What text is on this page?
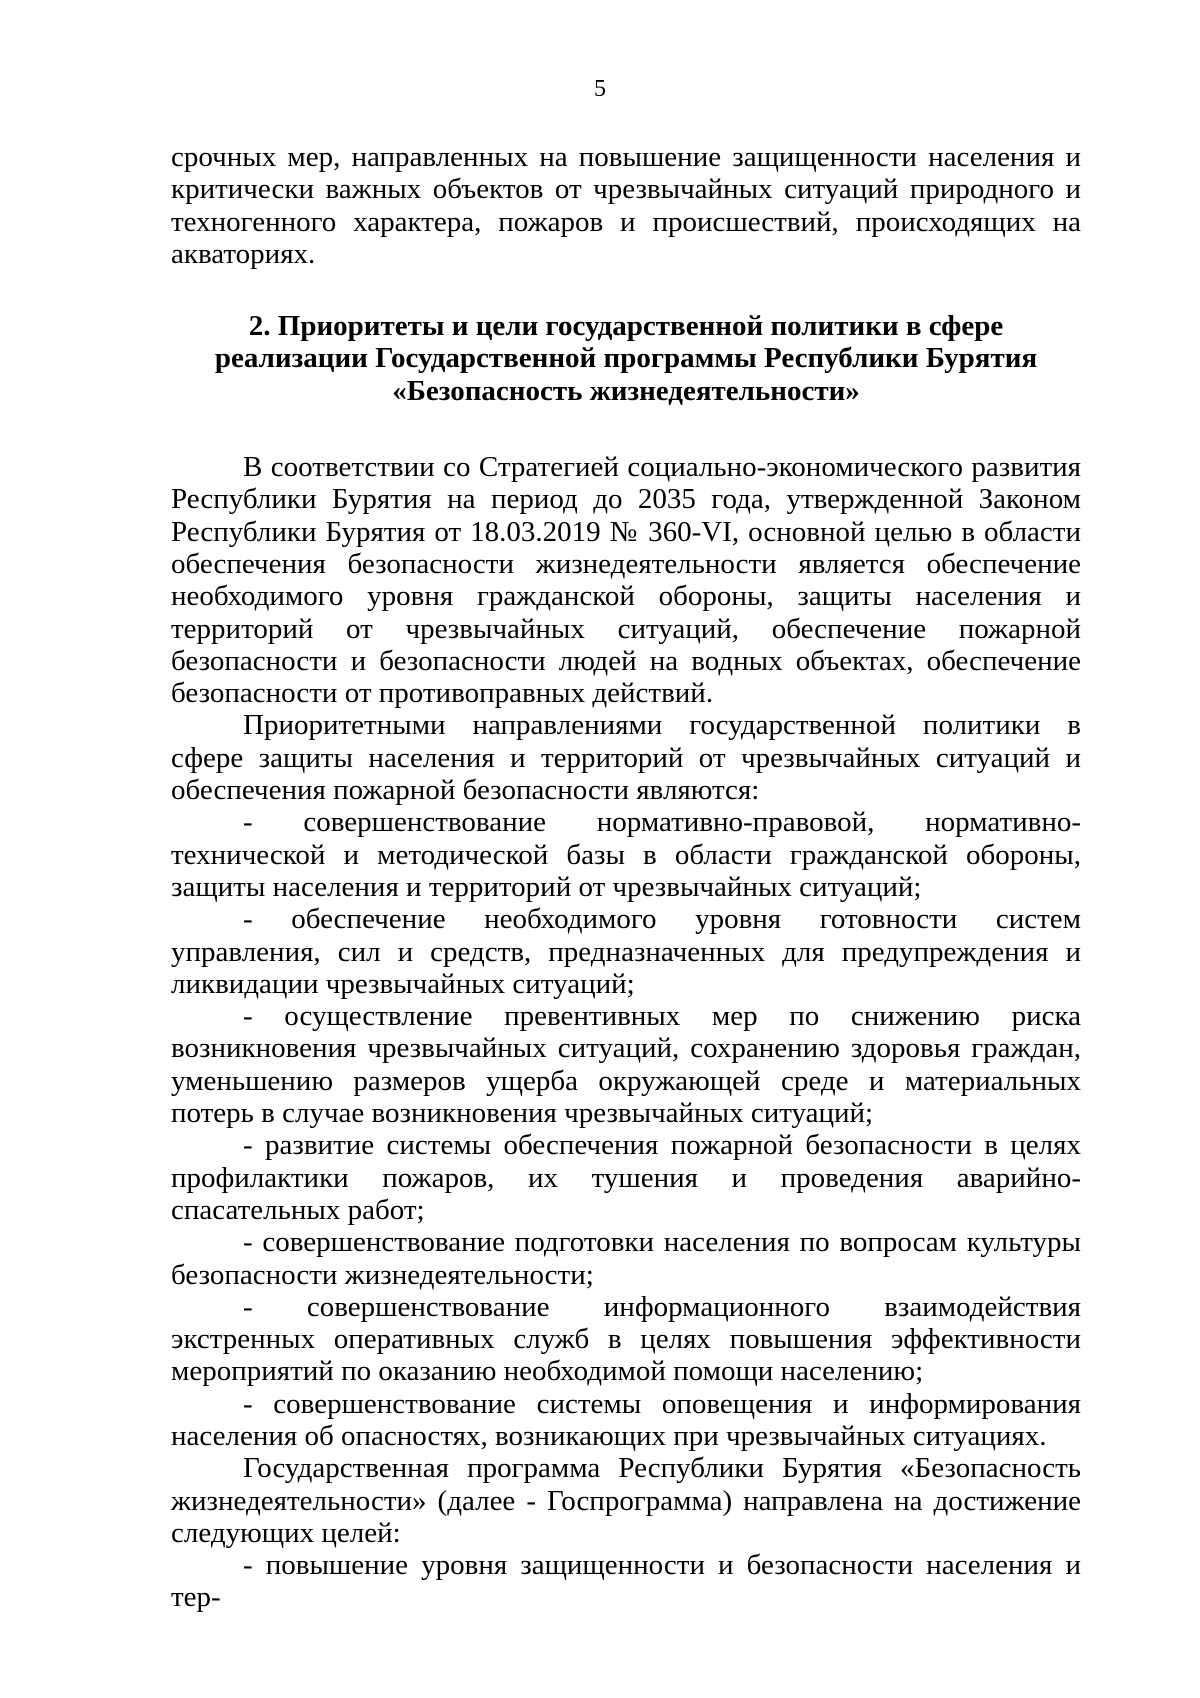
5

срочных мер, направленных на повышение защищенности населения и критически важных объектов от чрезвычайных ситуаций природного и техногенного характера, пожаров и происшествий, происходящих на акваториях.

2. Приоритеты и цели государственной политики в сфере
реализации Государственной программы Республики Бурятия
«Безопасность жизнедеятельности»

В соответствии со Стратегией социально-экономического развития Республики Бурятия на период до 2035 года, утвержденной Законом Республики Бурятия от 18.03.2019 № 360-VI, основной целью в области обеспечения безопасности жизнедеятельности является обеспечение необходимого уровня гражданской обороны, защиты населения и территорий от чрезвычайных ситуаций, обеспечение пожарной безопасности и безопасности людей на водных объектах, обеспечение безопасности от противоправных действий.

Приоритетными направлениями государственной политики в сфере защиты населения и территорий от чрезвычайных ситуаций и обеспечения пожарной безопасности являются:

- совершенствование нормативно-правовой, нормативно-технической и методической базы в области гражданской обороны, защиты населения и территорий от чрезвычайных ситуаций;

- обеспечение необходимого уровня готовности систем управления, сил и средств, предназначенных для предупреждения и ликвидации чрезвычайных ситуаций;

- осуществление превентивных мер по снижению риска возникновения чрезвычайных ситуаций, сохранению здоровья граждан, уменьшению размеров ущерба окружающей среде и материальных потерь в случае возникновения чрезвычайных ситуаций;

- развитие системы обеспечения пожарной безопасности в целях профилактики пожаров, их тушения и проведения аварийно-спасательных работ;

- совершенствование подготовки населения по вопросам культуры безопасности жизнедеятельности;

- совершенствование информационного взаимодействия экстренных оперативных служб в целях повышения эффективности мероприятий по оказанию необходимой помощи населению;

- совершенствование системы оповещения и информирования населения об опасностях, возникающих при чрезвычайных ситуациях.

Государственная программа Республики Бурятия «Безопасность жизнедеятельности» (далее - Госпрограмма) направлена на достижение следующих целей:

- повышение уровня защищенности и безопасности населения и тер-
